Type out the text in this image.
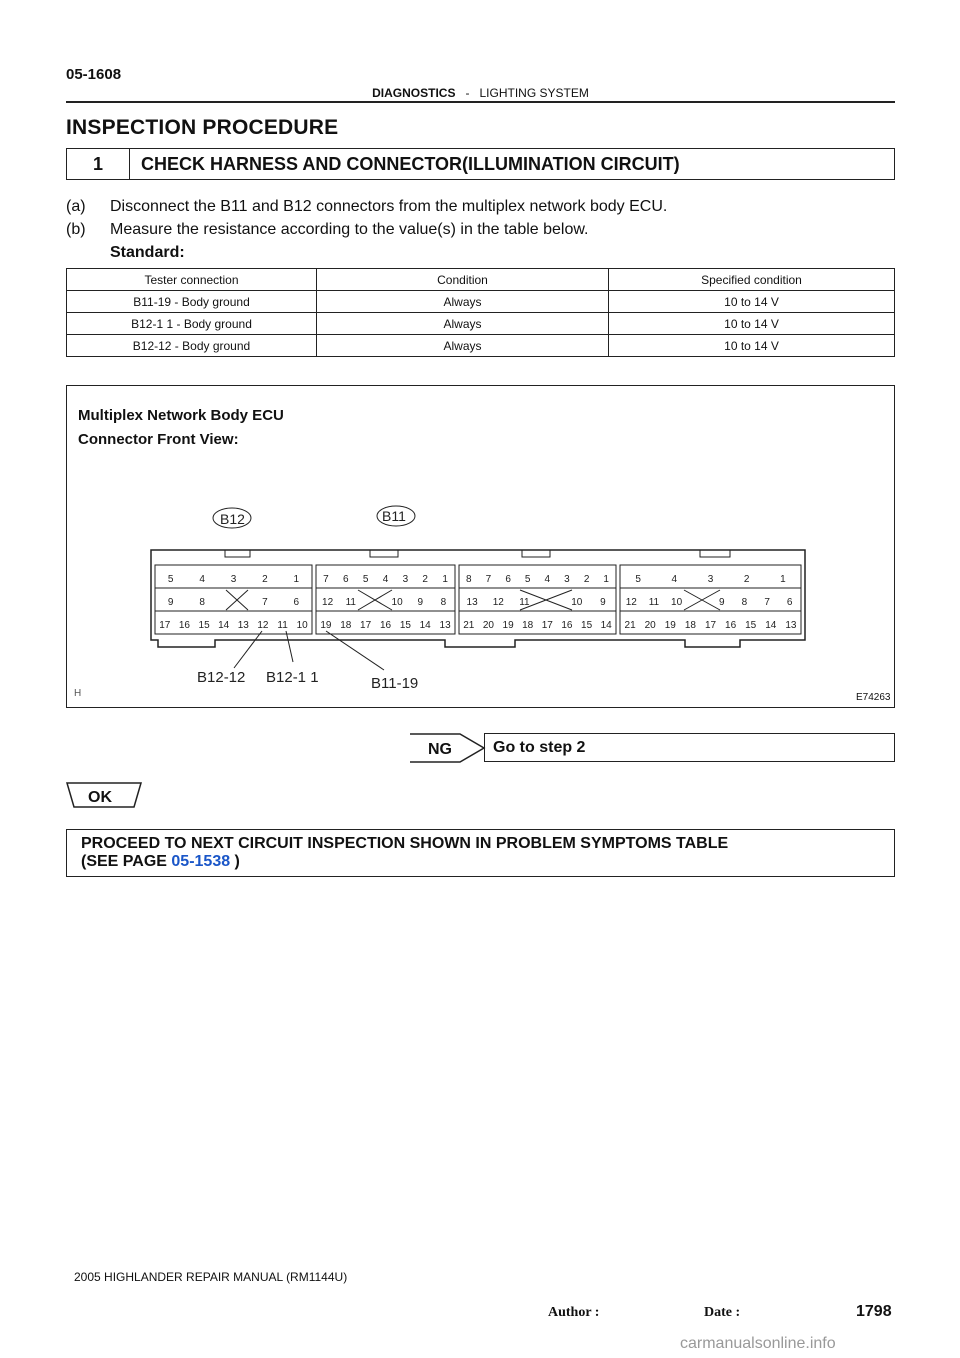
05-1608
DIAGNOSTICS - LIGHTING SYSTEM
INSPECTION PROCEDURE
1	CHECK HARNESS AND CONNECTOR(ILLUMINATION CIRCUIT)
(a) Disconnect the B11 and B12 connectors from the multiplex network body ECU.
(b) Measure the resistance according to the value(s) in the table below.
Standard:
Tester connection	Condition	Specified condition
B11-19 - Body ground	Always	10 to 14 V
B12-1 1 - Body ground	Always	10 to 14 V
B12-12 - Body ground	Always	10 to 14 V
Multiplex Network Body ECU
Connector Front View:
B12	B11
B12-12 B12-1 1	B11-19
H
5	4	3	2	1
9	8	7	6
17 16 15 14 13 12 11 10
7 6 5 4 3 2 1
12 11	10 9 8
19 18 17 16 15 14 13
8 7 6 5 4 3 2 1
13 12 11	10 9
21 20 19 18 17 16 15 14
5	4	3	2	1
12 11 10	9 8 7 6
21 20 19 18 17 16 15 14 13
E74263
NG	Go to step 2
OK
PROCEED TO NEXT CIRCUIT INSPECTION SHOWN IN PROBLEM SYMPTOMS TABLE
(SEE PAGE 05-1538 )
2005 HIGHLANDER REPAIR MANUAL (RM1144U)
Author :	Date :	1798
carmanualsonline.info
